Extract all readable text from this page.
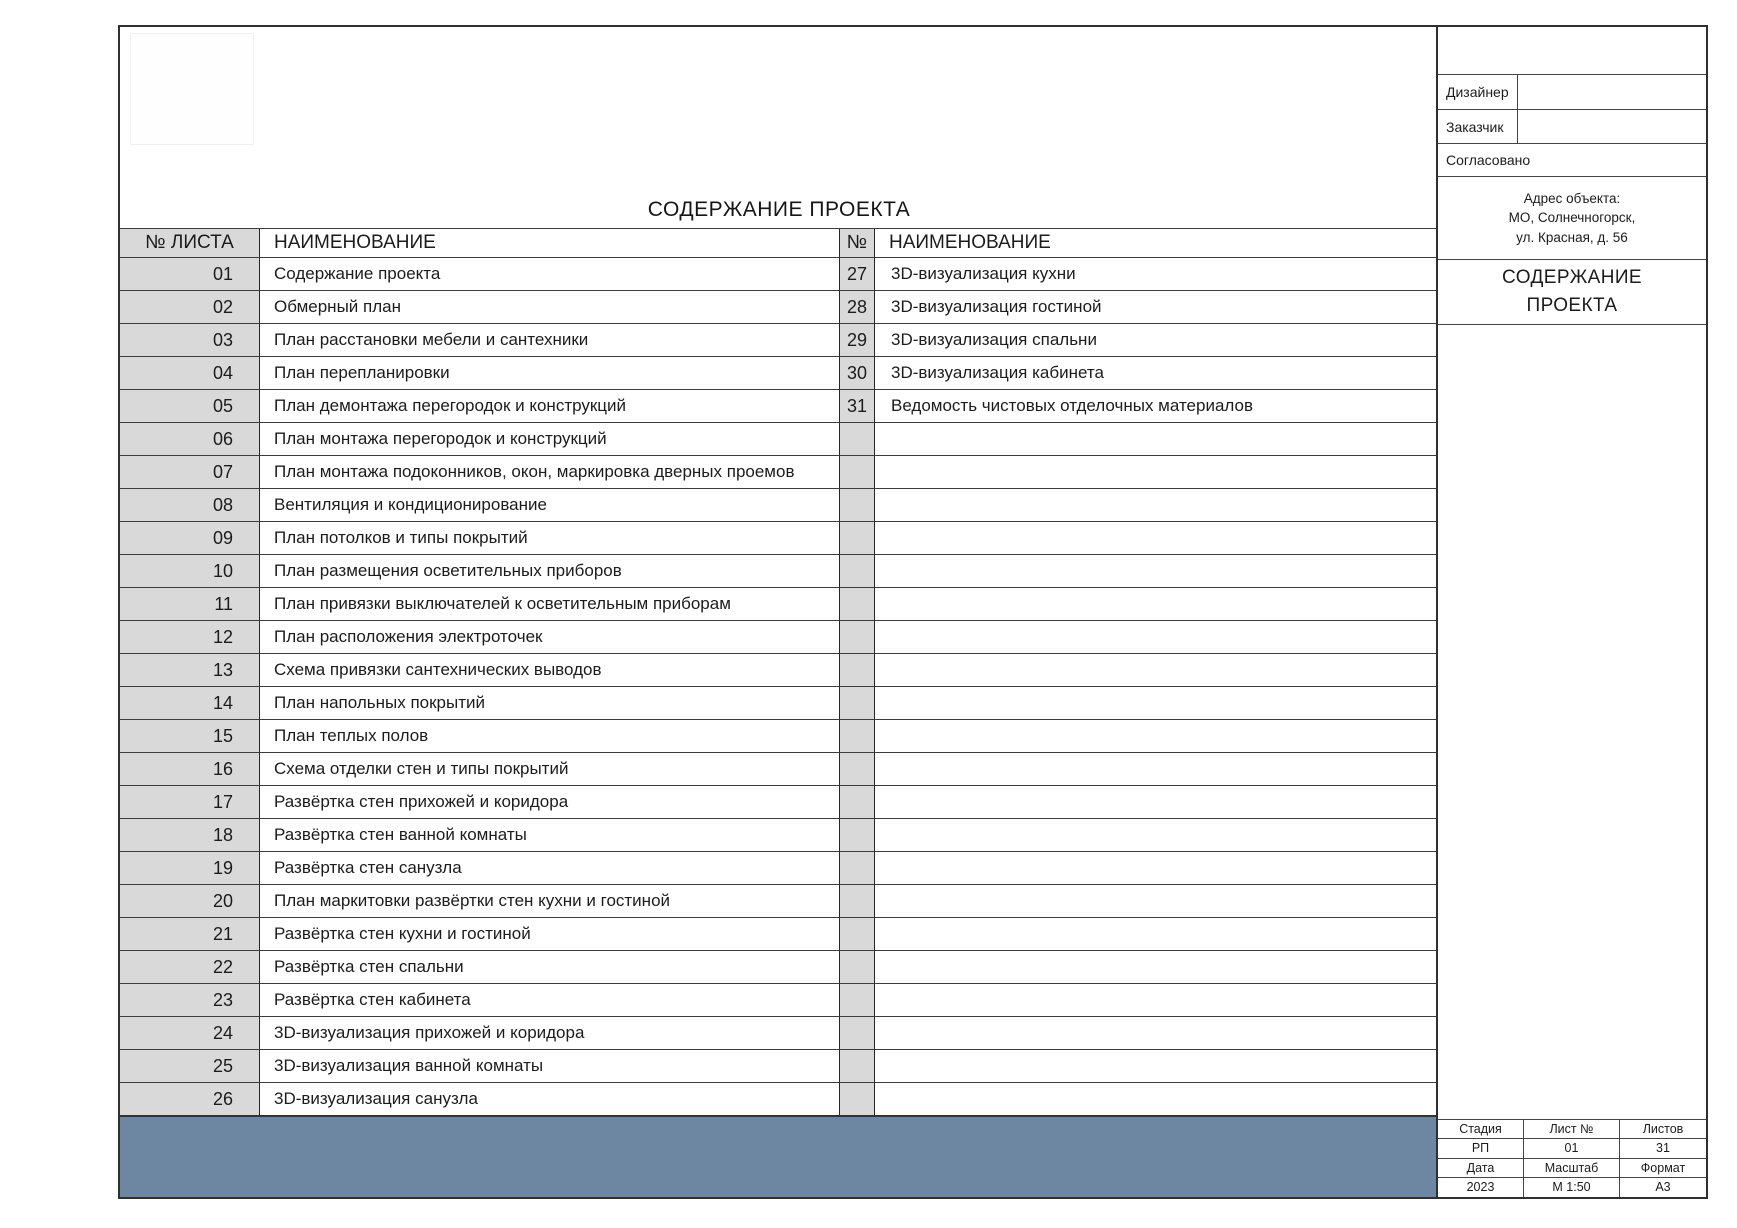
СОДЕРЖАНИЕ ПРОЕКТА
№ ЛИСТА	НАИМЕНОВАНИЕ	№	НАИМЕНОВАНИЕ
01	Содержание проекта	27	3D-визуализация кухни
02	Обмерный план	28	3D-визуализация гостиной
03	План расстановки мебели и сантехники	29	3D-визуализация спальни
04	План перепланировки	30	3D-визуализация кабинета
05	План демонтажа перегородок и конструкций	31	Ведомость чистовых отделочных материалов
06	План монтажа перегородок и конструкций
07	План монтажа подоконников, окон, маркировка дверных проемов
08	Вентиляция и кондиционирование
09	План потолков и типы покрытий
10	План размещения осветительных приборов
11	План привязки выключателей к осветительным приборам
12	План расположения электроточек
13	Схема привязки сантехнических выводов
14	План напольных покрытий
15	План теплых полов
16	Схема отделки стен и типы покрытий
17	Развёртка стен прихожей и коридора
18	Развёртка стен ванной комнаты
19	Развёртка стен санузла
20	План маркитовки развёртки стен кухни и гостиной
21	Развёртка стен кухни и гостиной
22	Развёртка стен спальни
23	Развёртка стен кабинета
24	3D-визуализация прихожей и коридора
25	3D-визуализация ванной комнаты
26	3D-визуализация санузла
Дизайнер
Заказчик
Согласовано
Адрес объекта:
МО, Солнечногорск,
ул. Красная, д. 56
СОДЕРЖАНИЕ
ПРОЕКТА
Стадия	Лист №	Листов
РП	01	31
Дата	Масштаб	Формат
2023	М 1:50	А3
